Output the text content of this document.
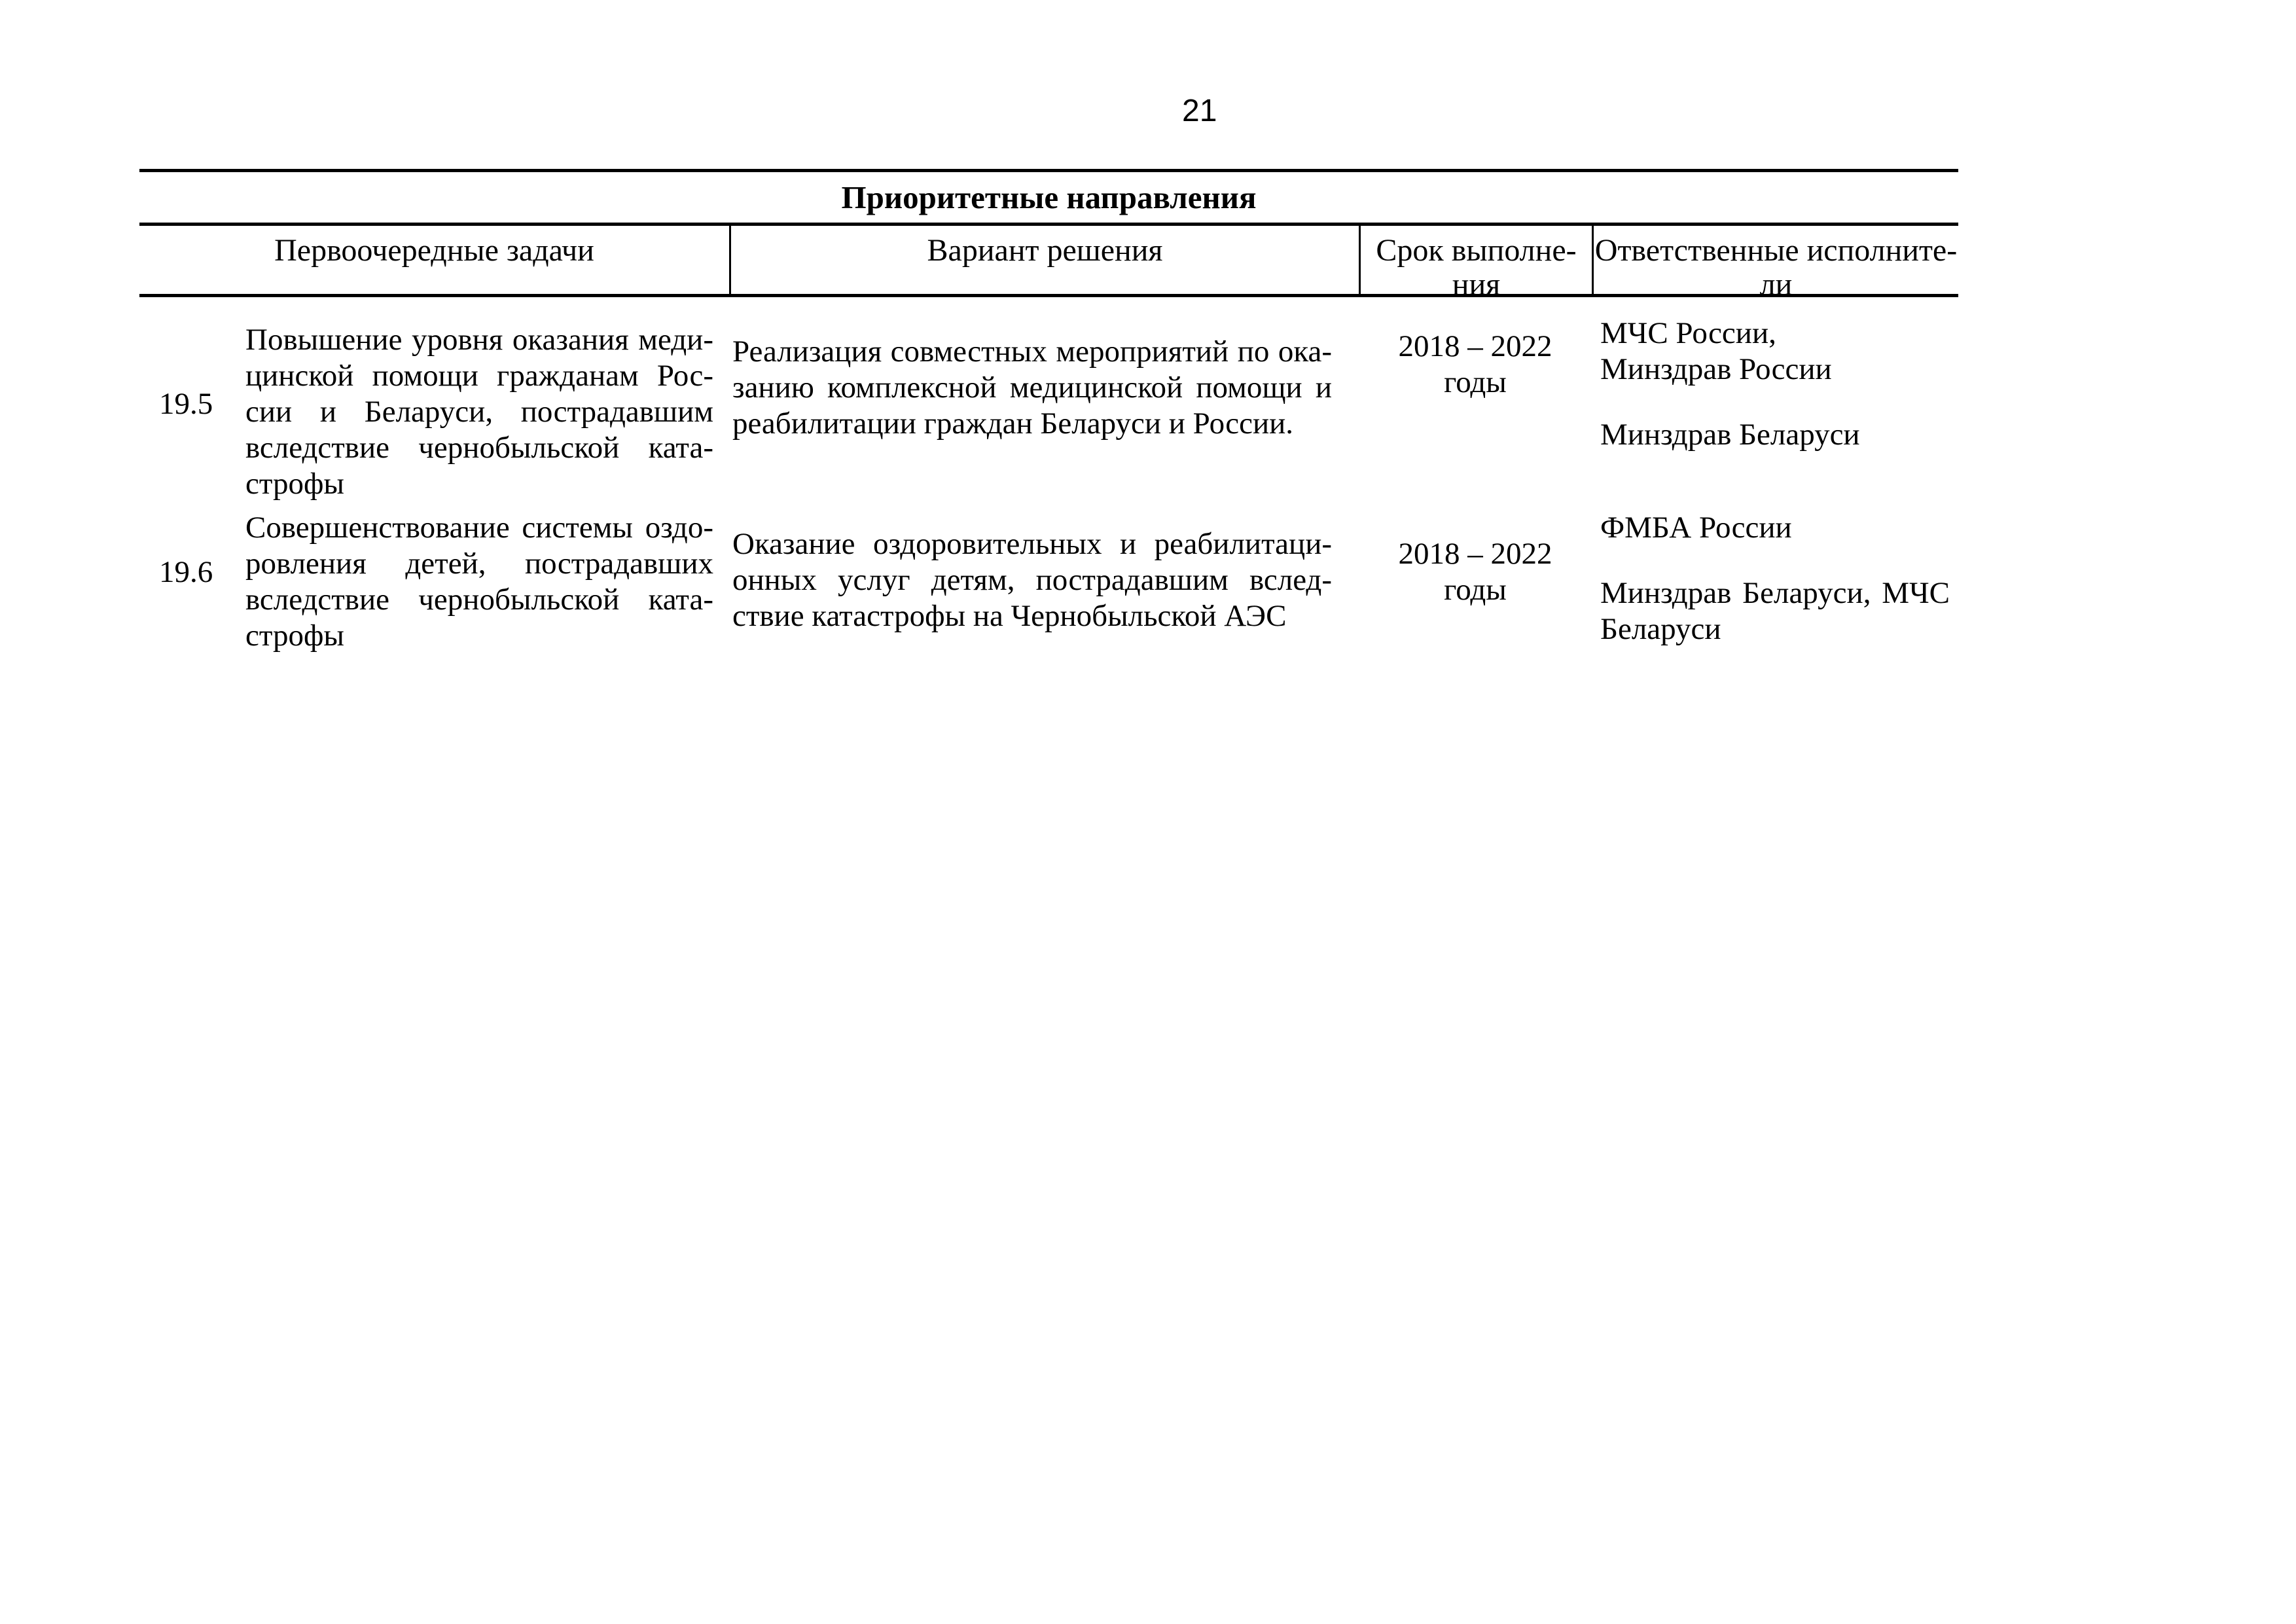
21
Приоритетные направления
Первоочередные задачи	Вариант решения	Срок выполне-
ния
Ответственные исполните-
ли
19.5
Повышение уровня оказания меди-
цинской помощи гражданам Рос-
сии и Беларуси, пострадавшим
вследствие чернобыльской ката-
строфы
Реализация совместных мероприятий по ока-
занию комплексной медицинской помощи и
реабилитации граждан Беларуси и России.
2018 – 2022
годы
МЧС России,
Минздрав России
Минздрав Беларуси
19.6
Совершенствование системы оздо-
ровления детей, пострадавших
вследствие чернобыльской ката-
строфы
Оказание оздоровительных и реабилитаци-
онных услуг детям, пострадавшим вслед-
ствие катастрофы на Чернобыльской АЭС
2018 – 2022
годы
ФМБА России
Минздрав Беларуси, МЧС
Беларуси
